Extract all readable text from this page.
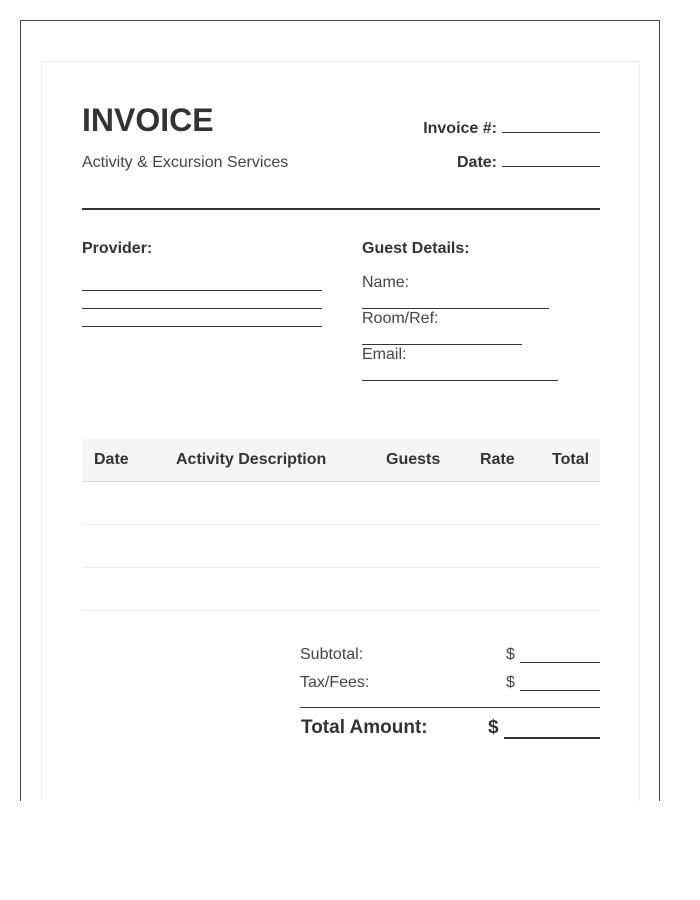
INVOICE
Activity & Excursion Services
Invoice #:
Date:
Provider:	Guest Details:
Name:
Room/Ref:
Email:
Date	Activity Description	Guests	Rate	Total

Subtotal:	$
Tax/Fees:	$
Total Amount:	$
